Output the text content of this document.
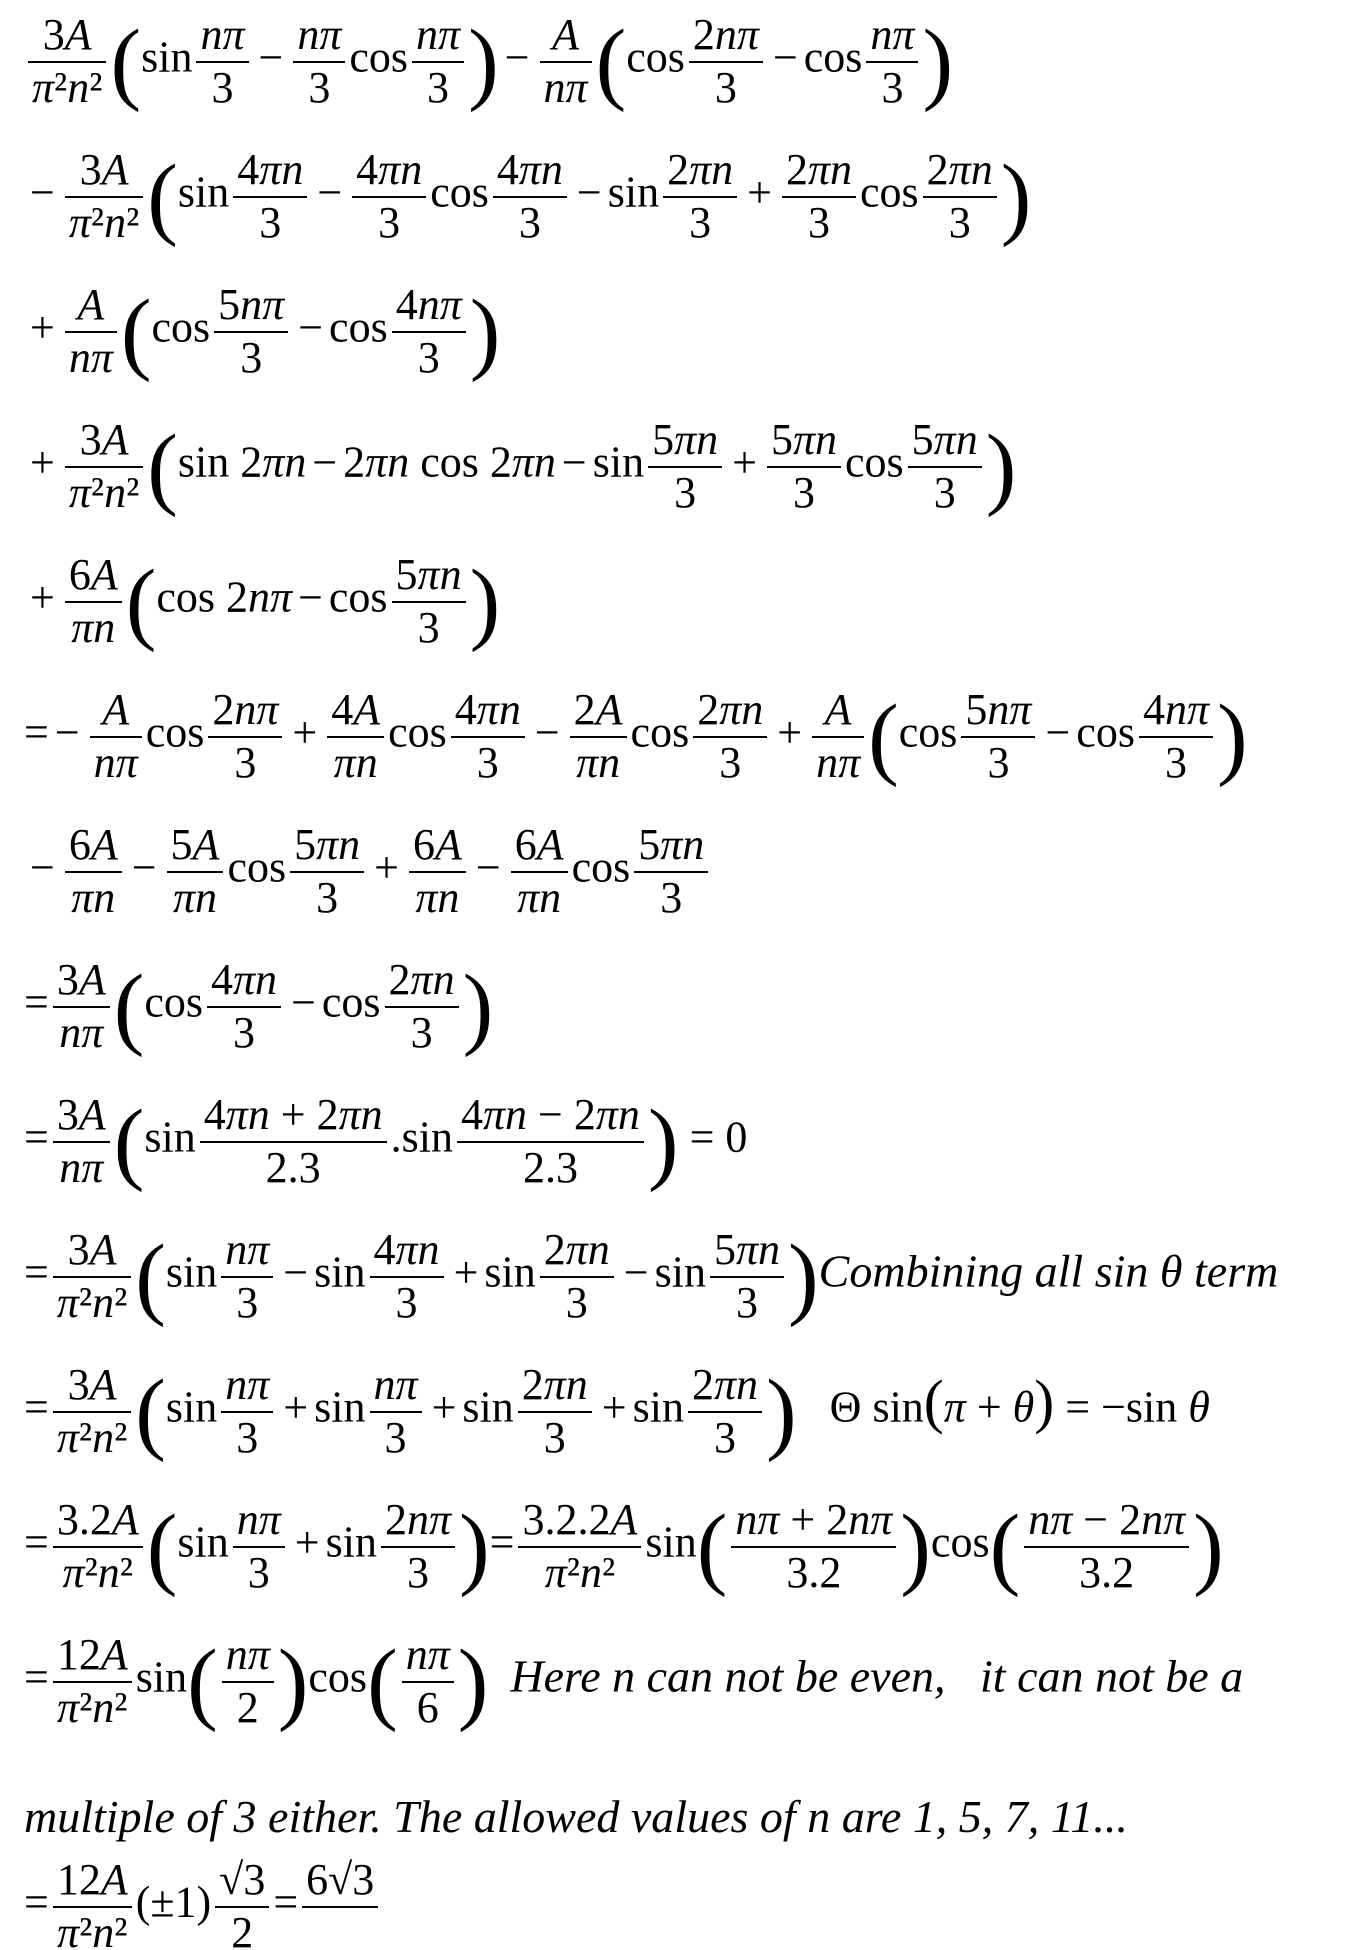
$\frac{3A}{\text{π²n²}} (\sin \frac{n\pi}{3} - \frac{n\pi}{3}$ $\cos \frac{n\pi}{3}$ ) − $\frac{A}{n\pi} (\cos \frac{2n\pi}{3} - \cos \frac{n\pi}{3}$ )
− $\frac{3A}{\text{π²n²}} (\sin \frac{4\pi n}{3} - \frac{4\pi n}{3}$ $\cos \frac{4\pi n}{3} - \sin \frac{2\pi n}{3} + \frac{2\pi n}{3}$ $\cos \frac{2\pi n}{3}$ )
+ $\frac{A}{n\pi} (\cos \frac{5n\pi}{3} - \cos \frac{4n\pi}{3}$ )
+ $\frac{3A}{\text{π²n²}} (\sin$ 2πn − 2πn $\cos 2\pi n - \sin \frac{5\pi n}{3} + \frac{5\pi n}{3}$ $\cos \frac{5\pi n}{3}$ )
+ $\frac{6A}{\pi n} (\cos$ $2n\pi - \cos \frac{5\pi n}{3}$ )
= − $\frac{A}{n\pi}$ $\cos \frac{2n\pi}{3} + \frac{4A}{\pi n}$ $\cos \frac{4\pi n}{3} - \frac{2A}{\pi n}$ $\cos \frac{2\pi n}{3} + \frac{A}{n\pi} (\cos \frac{5n\pi}{3} - \cos \frac{4n\pi}{3}$ )
− $\frac{6A}{\pi n} - \frac{5A}{\pi n}$ $\cos \frac{5\pi n}{3} + \frac{6A}{\pi n} - \frac{6A}{\pi n}$ $\cos \frac{5\pi n}{3}$
= $\frac{3A}{n\pi} (\cos \frac{4\pi n}{3} - \cos \frac{2\pi n}{3}$ )
= $\frac{3A}{n\pi} (\sin \frac{4\pi n + 2\pi n}{2.3} .\sin \frac{4\pi n - 2\pi n}{2.3}$ ) = 0
= $\frac{3A}{\text{π²n²}} (\sin \frac{n\pi}{3} - \sin \frac{4\pi n}{3} + \sin \frac{2\pi n}{3} - \sin \frac{5\pi n}{3}$ )Combining all sin θ term
= $\frac{3A}{\text{π²n²}} (\sin \frac{n\pi}{3} + \sin \frac{n\pi}{3} + \sin \frac{2\pi n}{3} + \sin \frac{2\pi n}{3}$ )   Θ sin(π + θ) = −sin θ
= $\frac{3.2A}{\text{π²n²}} (\sin \frac{n\pi}{3} + \sin \frac{2n\pi}{3}$ )= $\frac{3.2.2A}{\text{π²n²}} \sin( \frac{n\pi + 2n\pi}{3.2} )\cos( \frac{n\pi - 2n\pi}{3.2}$ )
= $\frac{12A}{\text{π²n²}} \sin( \frac{n\pi}{2} )\cos( \frac{n\pi}{6}$ ) Here n can not be even,   it can not be a
multiple of 3 either. The allowed values of n are 1, 5, 7, 11...
= $\frac{12A}{\text{π²n²}} (\pm 1) \frac{√3}{2} = 6√3$
